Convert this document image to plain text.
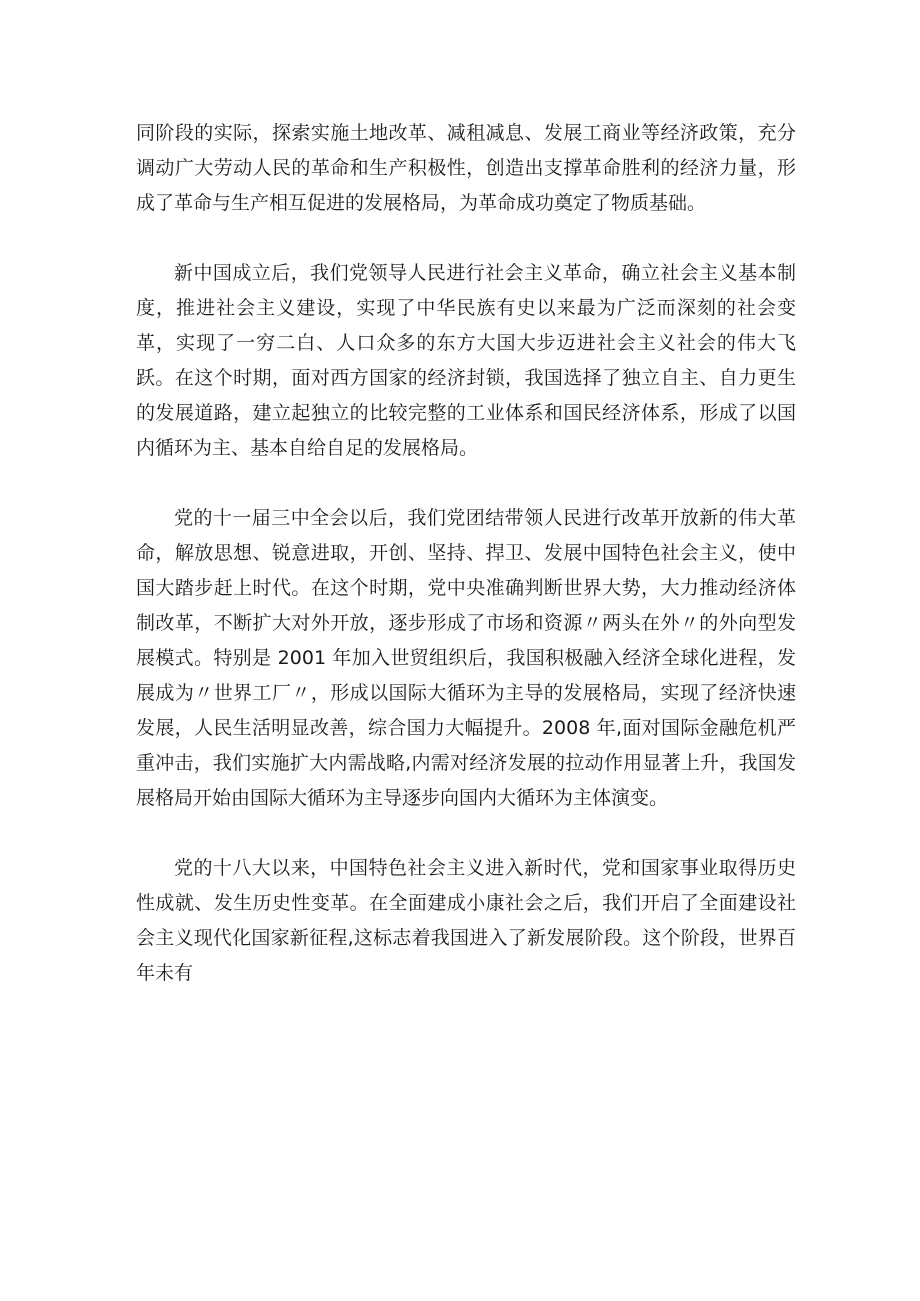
同阶段的实际，探索实施土地改革、减租减息、发展工商业等经济政策，充分调动广大劳动人民的革命和生产积极性，创造出支撑革命胜利的经济力量，形成了革命与生产相互促进的发展格局，为革命成功奠定了物质基础。

新中国成立后，我们党领导人民进行社会主义革命，确立社会主义基本制度，推进社会主义建设，实现了中华民族有史以来最为广泛而深刻的社会变革，实现了一穷二白、人口众多的东方大国大步迈进社会主义社会的伟大飞跃。在这个时期，面对西方国家的经济封锁，我国选择了独立自主、自力更生的发展道路，建立起独立的比较完整的工业体系和国民经济体系，形成了以国内循环为主、基本自给自足的发展格局。

党的十一届三中全会以后，我们党团结带领人民进行改革开放新的伟大革命，解放思想、锐意进取，开创、坚持、捍卫、发展中国特色社会主义，使中国大踏步赶上时代。在这个时期，党中央准确判断世界大势，大力推动经济体制改革，不断扩大对外开放，逐步形成了市场和资源〃两头在外〃的外向型发展模式。特别是 2001 年加入世贸组织后，我国积极融入经济全球化进程，发展成为〃世界工厂〃，形成以国际大循环为主导的发展格局，实现了经济快速发展，人民生活明显改善，综合国力大幅提升。2008 年,面对国际金融危机严重冲击，我们实施扩大内需战略,内需对经济发展的拉动作用显著上升，我国发展格局开始由国际大循环为主导逐步向国内大循环为主体演变。

党的十八大以来，中国特色社会主义进入新时代，党和国家事业取得历史性成就、发生历史性变革。在全面建成小康社会之后，我们开启了全面建设社会主义现代化国家新征程,这标志着我国进入了新发展阶段。这个阶段，世界百年未有
